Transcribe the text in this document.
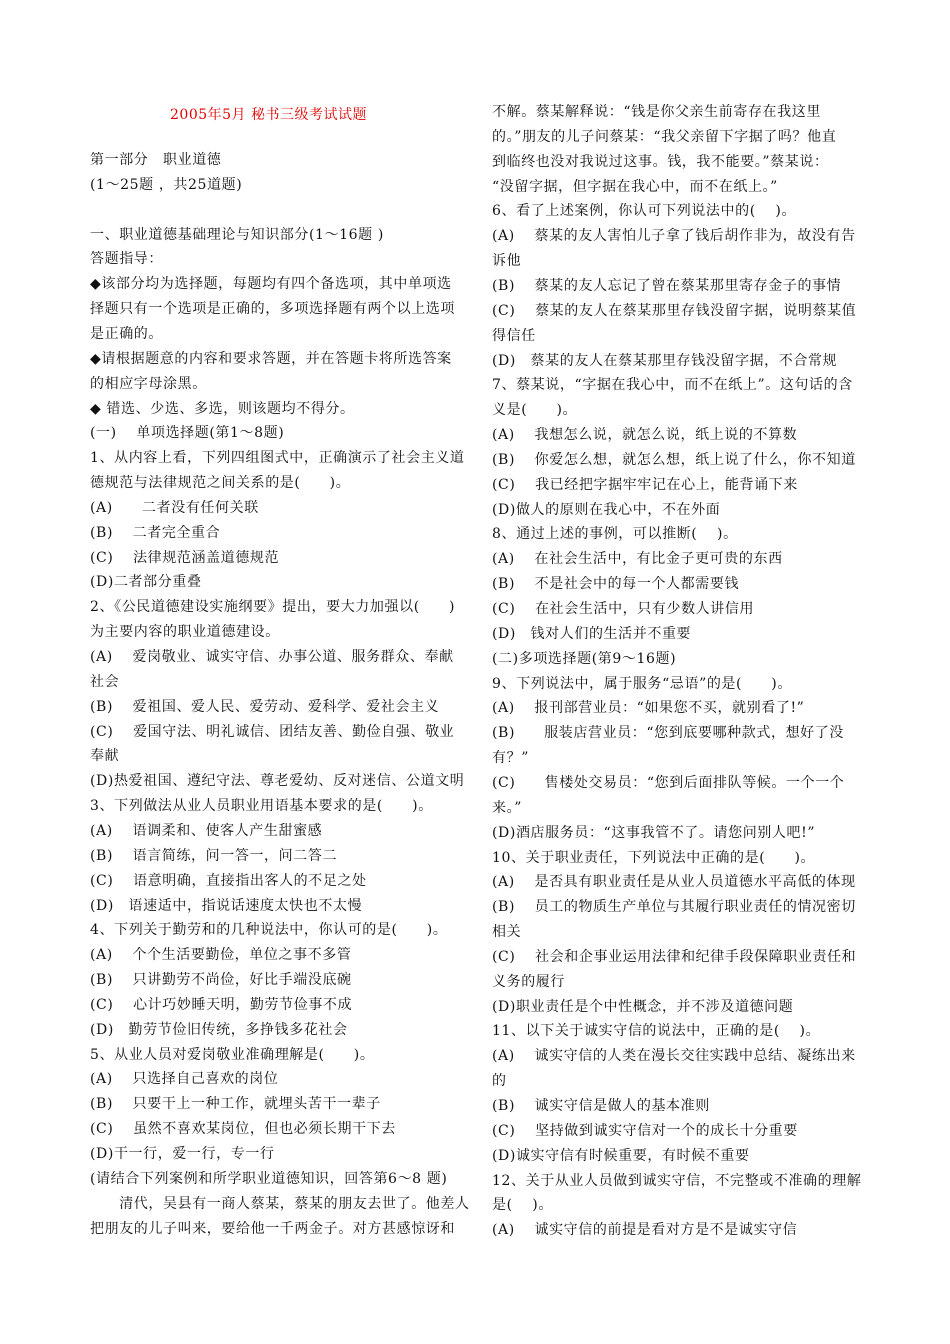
2005年5月 秘书三级考试试题
第一部分　职业道德
(1～25题 ，共25道题)
一、职业道德基础理论与知识部分(1～16题 )
答题指导：
◆该部分均为选择题，每题均有四个备选项，其中单项选
择题只有一个选项是正确的，多项选择题有两个以上选项
是正确的。
◆请根据题意的内容和要求答题，并在答题卡将所选答案
的相应字母涂黑。
◆ 错选、少选、多选，则该题均不得分。
(一)　 单项选择题(第1～8题)
1、从内容上看，下列四组图式中，正确演示了社会主义道
德规范与法律规范之间关系的是(　　)。
(A)　　二者没有任何关联
(B)　 二者完全重合
(C)　 法律规范涵盖道德规范
(D)二者部分重叠
2、《公民道德建设实施纲要》提出，要大力加强以(　　)
为主要内容的职业道德建设。
(A)　 爱岗敬业、诚实守信、办事公道、服务群众、奉献
社会
(B)　 爱祖国、爱人民、爱劳动、爱科学、爱社会主义
(C)　 爱国守法、明礼诚信、团结友善、勤俭自强、敬业
奉献
(D)热爱祖国、遵纪守法、尊老爱幼、反对迷信、公道文明
3、下列做法从业人员职业用语基本要求的是(　　)。
(A)　 语调柔和、使客人产生甜蜜感
(B)　 语言简练，问一答一，问二答二
(C)　 语意明确，直接指出客人的不足之处
(D)　语速适中，指说话速度太快也不太慢
4、下列关于勤劳和的几种说法中，你认可的是(　　)。
(A)　 个个生活要勤俭，单位之事不多管
(B)　 只讲勤劳不尚俭，好比手端没底碗
(C)　 心计巧妙睡天明，勤劳节俭事不成
(D)　勤劳节俭旧传统，多挣钱多花社会
5、从业人员对爱岗敬业准确理解是(　　)。
(A)　 只选择自己喜欢的岗位
(B)　 只要干上一种工作，就埋头苦干一辈子
(C)　 虽然不喜欢某岗位，但也必须长期干下去
(D)干一行，爱一行，专一行
(请结合下列案例和所学职业道德知识，回答第6～8 题)
　　清代，吴县有一商人蔡某，蔡某的朋友去世了。他差人
把朋友的儿子叫来，要给他一千两金子。对方甚感惊讶和
不解。蔡某解释说：“钱是你父亲生前寄存在我这里
的。”朋友的儿子问蔡某：“我父亲留下字据了吗？他直
到临终也没对我说过这事。钱，我不能要。”蔡某说：
“没留字据，但字据在我心中，而不在纸上。”
6、看了上述案例，你认可下列说法中的(　 )。
(A)　 蔡某的友人害怕儿子拿了钱后胡作非为，故没有告
诉他
(B)　 蔡某的友人忘记了曾在蔡某那里寄存金子的事情
(C)　 蔡某的友人在蔡某那里存钱没留字据，说明蔡某值
得信任
(D)　蔡某的友人在蔡某那里存钱没留字据，不合常规
7、蔡某说，“字据在我心中，而不在纸上”。这句话的含
义是(　　)。
(A)　 我想怎么说，就怎么说，纸上说的不算数
(B)　 你爱怎么想，就怎么想，纸上说了什么，你不知道
(C)　 我已经把字据牢牢记在心上，能背诵下来
(D)做人的原则在我心中，不在外面
8、通过上述的事例，可以推断(　 )。
(A)　 在社会生活中，有比金子更可贵的东西
(B)　 不是社会中的每一个人都需要钱
(C)　 在社会生活中，只有少数人讲信用
(D)　钱对人们的生活并不重要
(二)多项选择题(第9～16题)
9、下列说法中，属于服务“忌语”的是(　　)。
(A)　 报刊部营业员：“如果您不买，就别看了!”
(B)　　服装店营业员：“您到底要哪种款式，想好了没
有？”
(C)　　售楼处交易员：“您到后面排队等候。一个一个
来。”
(D)酒店服务员：“这事我管不了。请您问别人吧!”
10、关于职业责任，下列说法中正确的是(　　)。
(A)　 是否具有职业责任是从业人员道德水平高低的体现
(B)　 员工的物质生产单位与其履行职业责任的情况密切
相关
(C)　 社会和企事业运用法律和纪律手段保障职业责任和
义务的履行
(D)职业责任是个中性概念，并不涉及道德问题
11、以下关于诚实守信的说法中，正确的是(　 )。
(A)　 诚实守信的人类在漫长交往实践中总结、凝练出来
的
(B)　 诚实守信是做人的基本准则
(C)　 坚持做到诚实守信对一个的成长十分重要
(D)诚实守信有时候重要，有时候不重要
12、关于从业人员做到诚实守信，不完整或不准确的理解
是(　 )。
(A)　 诚实守信的前提是看对方是不是诚实守信
